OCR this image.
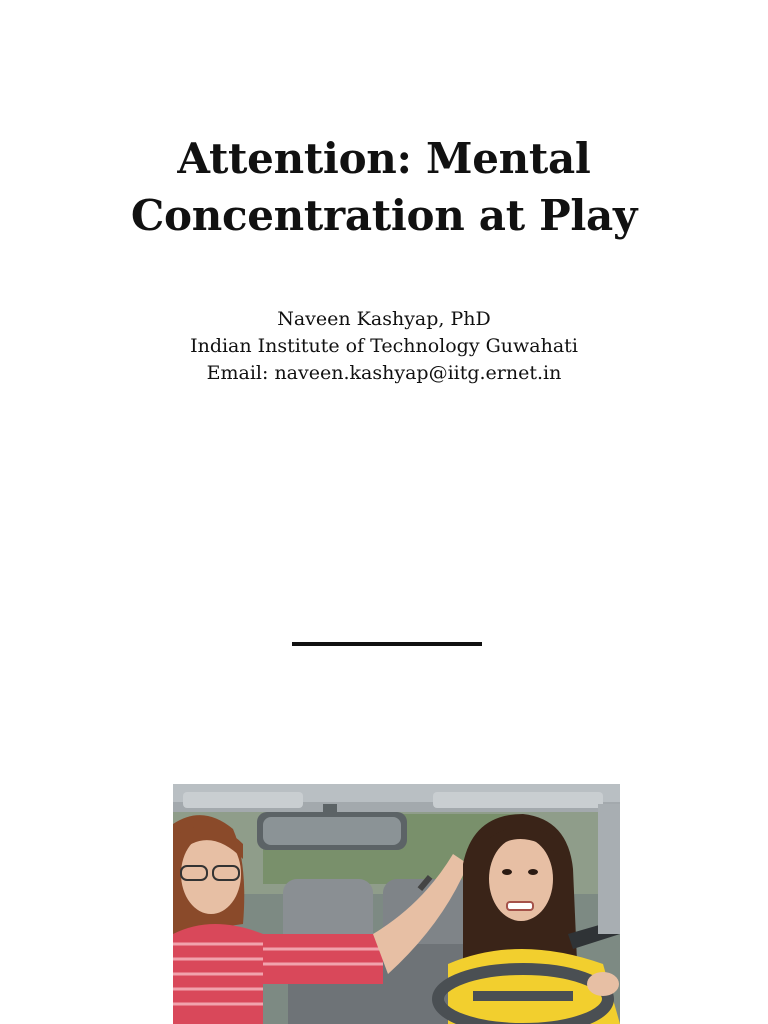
Attention: Mental
Concentration at Play
Naveen Kashyap, PhD
Indian Institute of Technology Guwahati
Email: naveen.kashyap@iitg.ernet.in
